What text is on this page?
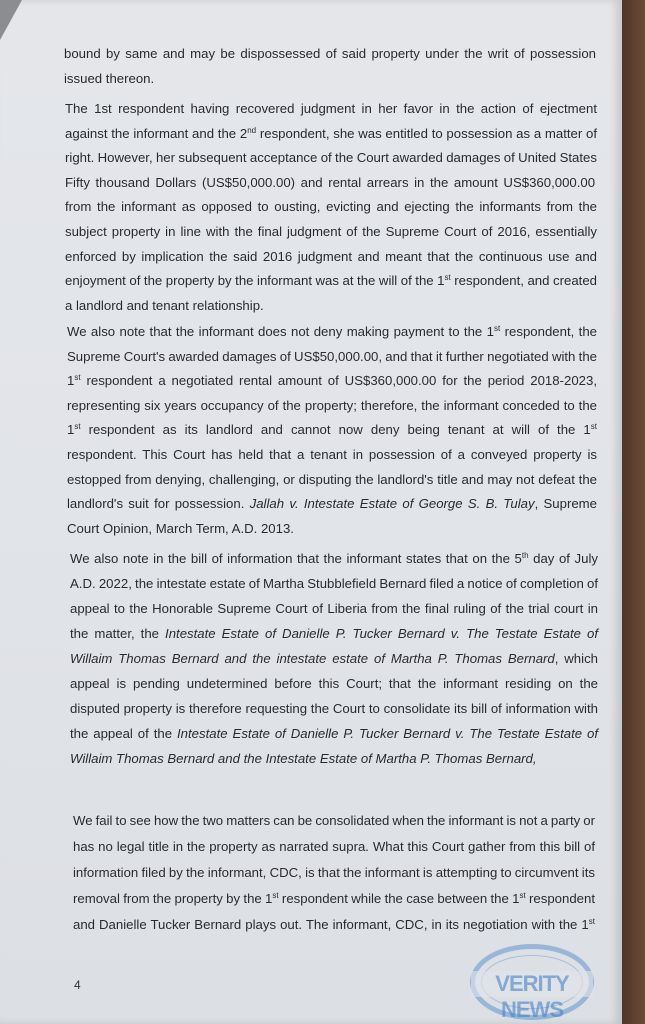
bound by same and may be dispossessed of said property under the writ of possession
issued thereon.
The 1st respondent having recovered judgment in her favor in the action of ejectment
against the informant and the 2nd respondent, she was entitled to possession as a matter of
right. However, her subsequent acceptance of the Court awarded damages of United States
Fifty thousand Dollars (US$50,000.00) and rental arrears in the amount US$360,000.00
from the informant as opposed to ousting, evicting and ejecting the informants from the
subject property in line with the final judgment of the Supreme Court of 2016, essentially
enforced by implication the said 2016 judgment and meant that the continuous use and
enjoyment of the property by the informant was at the will of the 1st respondent, and created
a landlord and tenant relationship.
We also note that the informant does not deny making payment to the 1st respondent, the
Supreme Court's awarded damages of US$50,000.00, and that it further negotiated with the
1st respondent a negotiated rental amount of US$360,000.00 for the period 2018-2023,
representing six years occupancy of the property; therefore, the informant conceded to the
1st respondent as its landlord and cannot now deny being tenant at will of the 1st
respondent. This Court has held that a tenant in possession of a conveyed property is
estopped from denying, challenging, or disputing the landlord's title and may not defeat the
landlord's suit for possession. Jallah v. Intestate Estate of George S. B. Tulay, Supreme
Court Opinion, March Term, A.D. 2013.
We also note in the bill of information that the informant states that on the 5th day of July
A.D. 2022, the intestate estate of Martha Stubblefield Bernard filed a notice of completion of
appeal to the Honorable Supreme Court of Liberia from the final ruling of the trial court in
the matter, the Intestate Estate of Danielle P. Tucker Bernard v. The Testate Estate of
Willaim Thomas Bernard and the intestate estate of Martha P. Thomas Bernard, which
appeal is pending undetermined before this Court; that the informant residing on the
disputed property is therefore requesting the Court to consolidate its bill of information with
the appeal of the Intestate Estate of Danielle P. Tucker Bernard v. The Testate Estate of
Willaim Thomas Bernard and the Intestate Estate of Martha P. Thomas Bernard,
We fail to see how the two matters can be consolidated when the informant is not a party or
has no legal title in the property as narrated supra. What this Court gather from this bill of
information filed by the informant, CDC, is that the informant is attempting to circumvent its
removal from the property by the 1st respondent while the case between the 1st respondent
and Danielle Tucker Bernard plays out. The informant, CDC, in its negotiation with the 1st
4	VERITY NEWS
